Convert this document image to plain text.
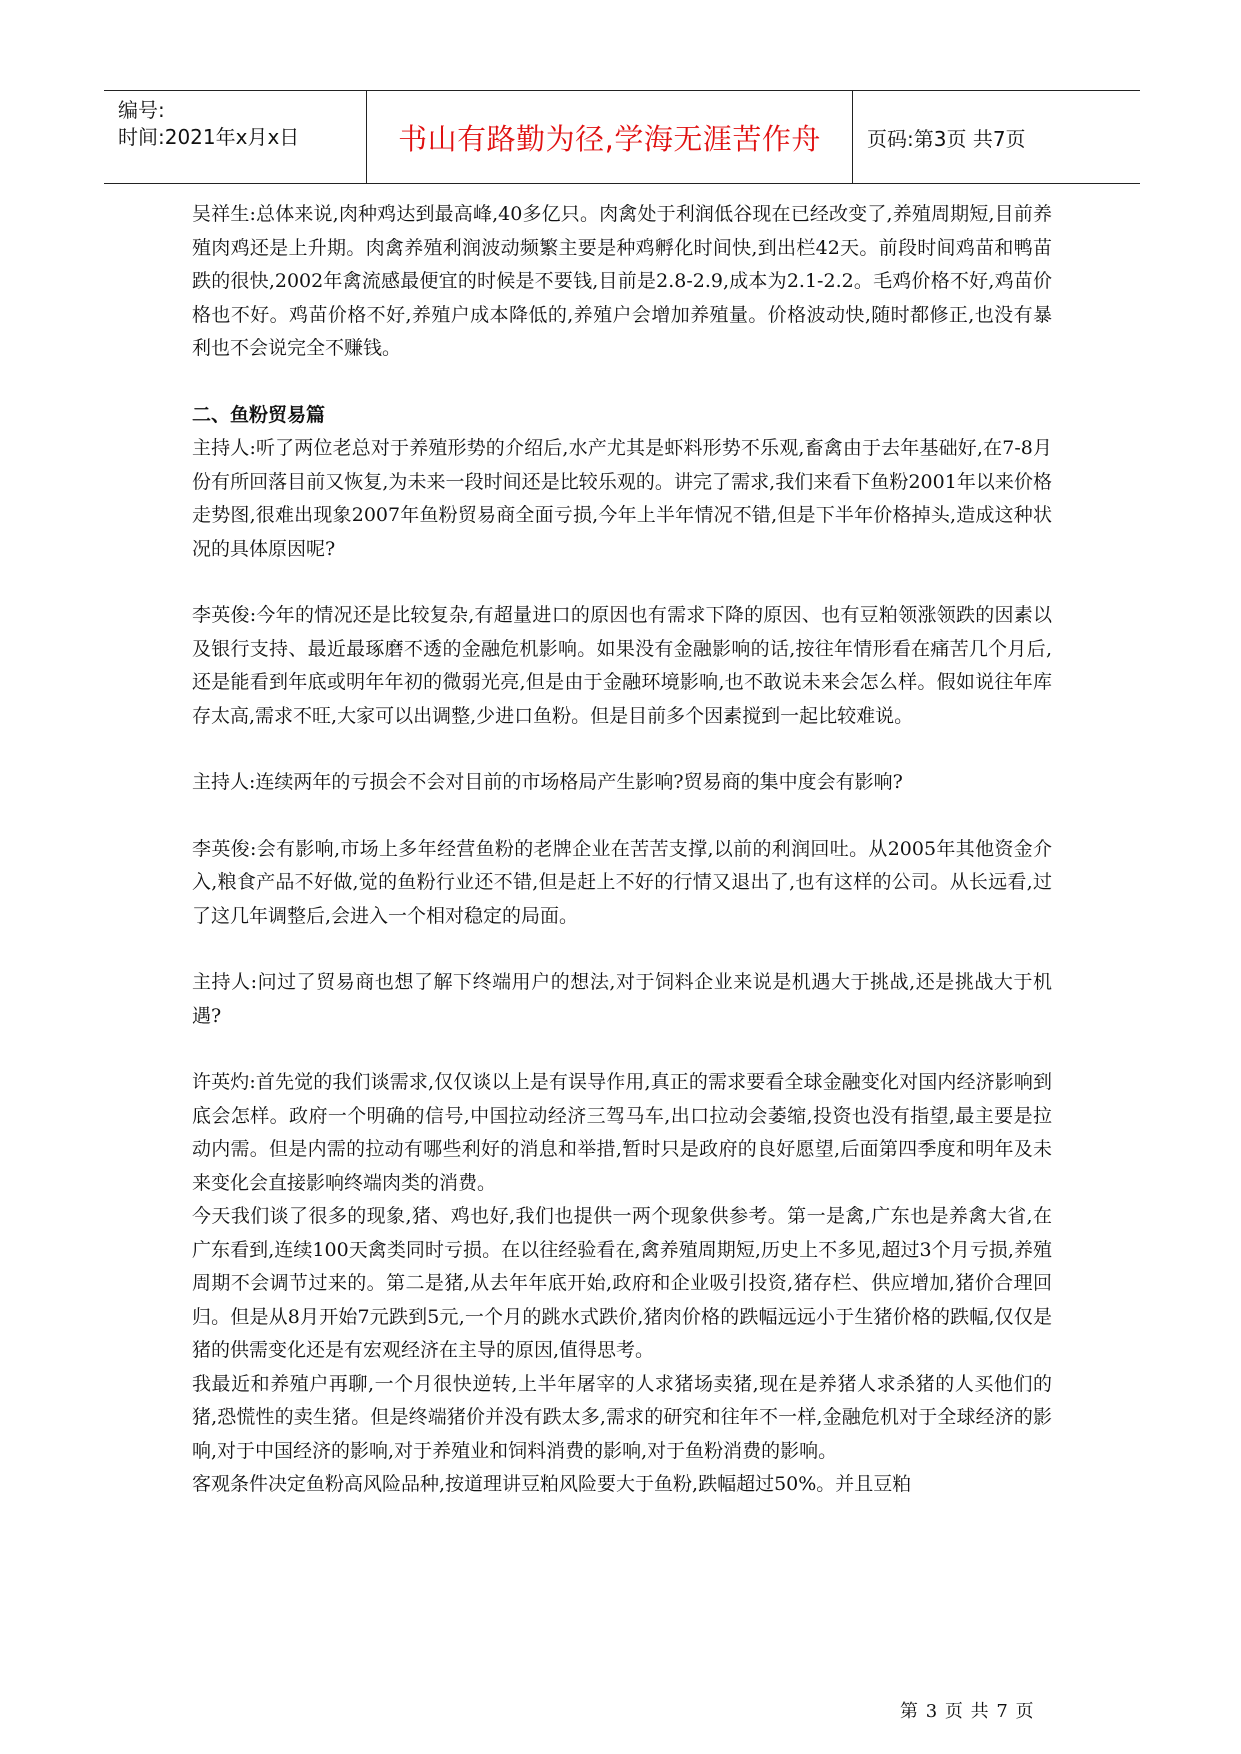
编号:
时间:2021年x月x日	书山有路勤为径,学海无涯苦作舟	页码:第3页 共7页

吴祥生:总体来说,肉种鸡达到最高峰,40多亿只。肉禽处于利润低谷现在已经改变了,养殖周期短,目前养殖肉鸡还是上升期。肉禽养殖利润波动频繁主要是种鸡孵化时间快,到出栏42天。前段时间鸡苗和鸭苗跌的很快,2002年禽流感最便宜的时候是不要钱,目前是2.8-2.9,成本为2.1-2.2。毛鸡价格不好,鸡苗价格也不好。鸡苗价格不好,养殖户成本降低的,养殖户会增加养殖量。价格波动快,随时都修正,也没有暴利也不会说完全不赚钱。

二、鱼粉贸易篇

主持人:听了两位老总对于养殖形势的介绍后,水产尤其是虾料形势不乐观,畜禽由于去年基础好,在7-8月份有所回落目前又恢复,为未来一段时间还是比较乐观的。讲完了需求,我们来看下鱼粉2001年以来价格走势图,很难出现象2007年鱼粉贸易商全面亏损,今年上半年情况不错,但是下半年价格掉头,造成这种状况的具体原因呢?

李英俊:今年的情况还是比较复杂,有超量进口的原因也有需求下降的原因、也有豆粕领涨领跌的因素以及银行支持、最近最琢磨不透的金融危机影响。如果没有金融影响的话,按往年情形看在痛苦几个月后,还是能看到年底或明年年初的微弱光亮,但是由于金融环境影响,也不敢说未来会怎么样。假如说往年库存太高,需求不旺,大家可以出调整,少进口鱼粉。但是目前多个因素搅到一起比较难说。

主持人:连续两年的亏损会不会对目前的市场格局产生影响?贸易商的集中度会有影响?

李英俊:会有影响,市场上多年经营鱼粉的老牌企业在苦苦支撑,以前的利润回吐。从2005年其他资金介入,粮食产品不好做,觉的鱼粉行业还不错,但是赶上不好的行情又退出了,也有这样的公司。从长远看,过了这几年调整后,会进入一个相对稳定的局面。

主持人:问过了贸易商也想了解下终端用户的想法,对于饲料企业来说是机遇大于挑战,还是挑战大于机遇?

许英灼:首先觉的我们谈需求,仅仅谈以上是有误导作用,真正的需求要看全球金融变化对国内经济影响到底会怎样。政府一个明确的信号,中国拉动经济三驾马车,出口拉动会萎缩,投资也没有指望,最主要是拉动内需。但是内需的拉动有哪些利好的消息和举措,暂时只是政府的良好愿望,后面第四季度和明年及未来变化会直接影响终端肉类的消费。

今天我们谈了很多的现象,猪、鸡也好,我们也提供一两个现象供参考。第一是禽,广东也是养禽大省,在广东看到,连续100天禽类同时亏损。在以往经验看在,禽养殖周期短,历史上不多见,超过3个月亏损,养殖周期不会调节过来的。第二是猪,从去年年底开始,政府和企业吸引投资,猪存栏、供应增加,猪价合理回归。但是从8月开始7元跌到5元,一个月的跳水式跌价,猪肉价格的跌幅远远小于生猪价格的跌幅,仅仅是猪的供需变化还是有宏观经济在主导的原因,值得思考。

我最近和养殖户再聊,一个月很快逆转,上半年屠宰的人求猪场卖猪,现在是养猪人求杀猪的人买他们的猪,恐慌性的卖生猪。但是终端猪价并没有跌太多,需求的研究和往年不一样,金融危机对于全球经济的影响,对于中国经济的影响,对于养殖业和饲料消费的影响,对于鱼粉消费的影响。

客观条件决定鱼粉高风险品种,按道理讲豆粕风险要大于鱼粉,跌幅超过50%。并且豆粕

第 3 页 共 7 页
